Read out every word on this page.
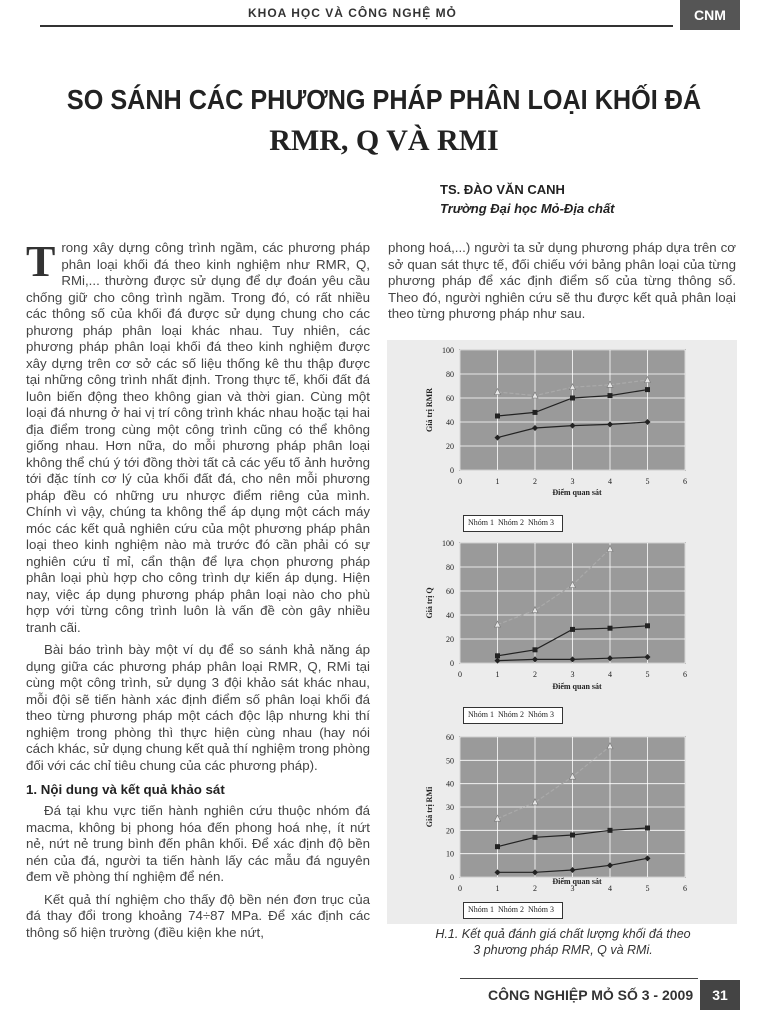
KHOA HỌC VÀ CÔNG NGHỆ MỎ	CNM
SO SÁNH CÁC PHƯƠNG PHÁP PHÂN LOẠI KHỐI ĐÁ
RMR, Q VÀ RMI
TS. ĐÀO VĂN CANH
Trường Đại học Mỏ-Địa chất

Trong xây dựng công trình ngầm, các phương pháp phân loại khối đá theo kinh nghiệm như RMR, Q, RMi,... thường được sử dụng để dự đoán yêu cầu chống giữ cho công trình ngầm. Trong đó, có rất nhiều các thông số của khối đá được sử dụng chung cho các phương pháp phân loại khác nhau. Tuy nhiên, các phương pháp phân loại khối đá theo kinh nghiệm được xây dựng trên cơ sở các số liệu thống kê thu thập được tại những công trình nhất định. Trong thực tế, khối đất đá luôn biến động theo không gian và thời gian. Cùng một loại đá nhưng ở hai vị trí công trình khác nhau hoặc tại hai địa điểm trong cùng một công trình cũng có thể không giống nhau. Hơn nữa, do mỗi phương pháp phân loại không thể chú ý tới đồng thời tất cả các yếu tố ảnh hưởng tới đặc tính cơ lý của khối đất đá, cho nên mỗi phương pháp đều có những ưu nhược điểm riêng của mình. Chính vì vậy, chúng ta không thể áp dụng một cách máy móc các kết quả nghiên cứu của một phương pháp phân loại theo kinh nghiệm nào mà trước đó cần phải có sự nghiên cứu tỉ mỉ, cẩn thận để lựa chọn phương pháp phân loại phù hợp cho công trình dự kiến áp dụng. Hiện nay, việc áp dụng phương pháp phân loại nào cho phù hợp với từng công trình luôn là vấn đề còn gây nhiều tranh cãi.

Bài báo trình bày một ví dụ để so sánh khả năng áp dụng giữa các phương pháp phân loại RMR, Q, RMi tại cùng một công trình, sử dụng 3 đội khảo sát khác nhau, mỗi đội sẽ tiến hành xác định điểm số phân loại khối đá theo từng phương pháp một cách độc lập nhưng khi thí nghiệm trong phòng thì thực hiện cùng nhau (hay nói cách khác, sử dụng chung kết quả thí nghiệm trong phòng đối với các chỉ tiêu chung của các phương pháp).

1. Nội dung và kết quả khảo sát

Đá tại khu vực tiến hành nghiên cứu thuộc nhóm đá macma, không bị phong hóa đến phong hoá nhẹ, ít nứt nẻ, nứt nẻ trung bình đến phân khối. Để xác định độ bền nén của đá, người ta tiến hành lấy các mẫu đá nguyên đem về phòng thí nghiệm để nén.

Kết quả thí nghiệm cho thấy độ bền nén đơn trục của đá thay đổi trong khoảng 74÷87 MPa. Để xác định các thông số hiện trường (điều kiện khe nứt,

phong hoá,...) người ta sử dụng phương pháp dựa trên cơ sở quan sát thực tế, đối chiếu với bảng phân loại của từng phương pháp để xác định điểm số của từng thông số. Theo đó, người nghiên cứu sẽ thu được kết quả phân loại theo từng phương pháp như sau.

0
20
40
60
80
100
0	1	2	3	4	5	6
Điểm quan sát
Giá trị RMR
0
20
40
60
80
100
0	1	2	3	4	5	6
Điểm quan sát
Giá trị Q
0
10
20
30
40
50
60
0	1	2	3	4	5	6
Điểm quan sát
Giá trị RMi
Nhóm 1 Nhóm 2 Nhóm 3
Nhóm 1 Nhóm 2 Nhóm 3
Nhóm 1 Nhóm 2 Nhóm 3
H.1. Kết quả đánh giá chất lượng khối đá theo
3 phương pháp RMR, Q và RMi.
CÔNG NGHIỆP MỎ SỐ 3 - 2009	31
